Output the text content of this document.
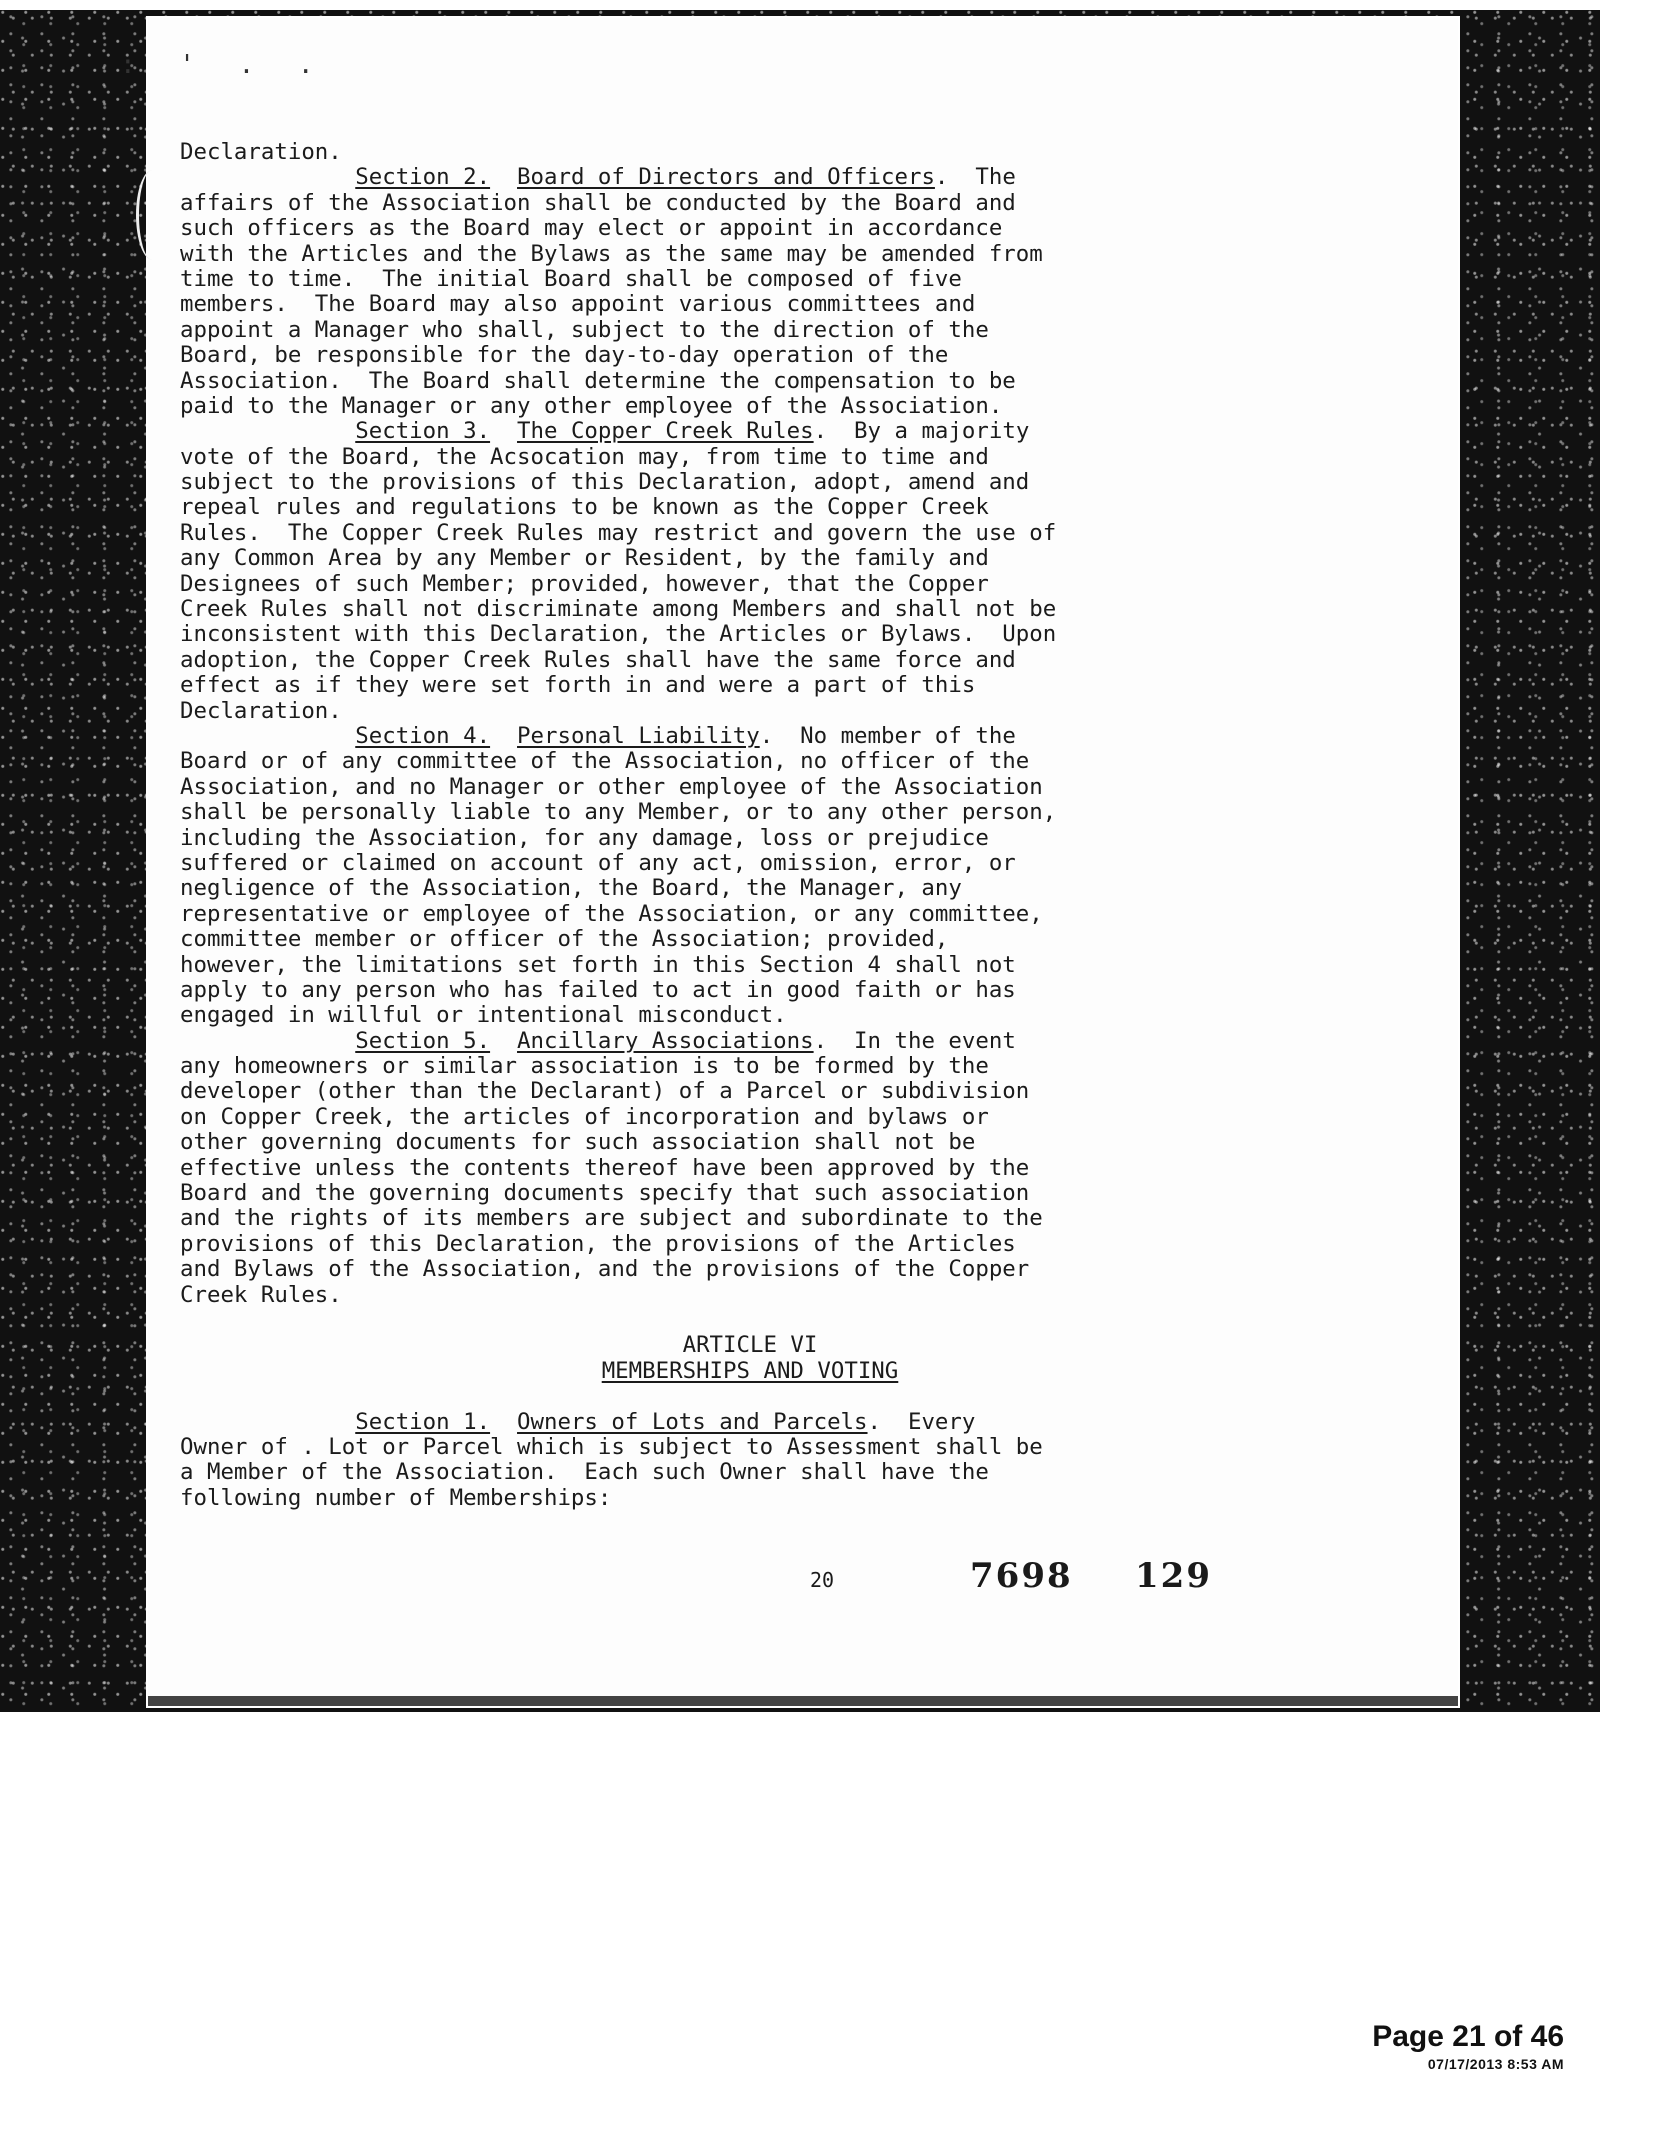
: ' . .
Declaration.
Section 2. Board of Directors and Officers.  The
affairs of the Association shall be conducted by the Board and
such officers as the Board may elect or appoint in accordance
with the Articles and the Bylaws as the same may be amended from
time to time.  The initial Board shall be composed of five
members.  The Board may also appoint various committees and
appoint a Manager who shall, subject to the direction of the
Board, be responsible for the day-to-day operation of the
Association.  The Board shall determine the compensation to be
paid to the Manager or any other employee of the Association.
Section 3. The Copper Creek Rules.  By a majority
vote of the Board, the Acsocation may, from time to time and
subject to the provisions of this Declaration, adopt, amend and
repeal rules and regulations to be known as the Copper Creek
Rules.  The Copper Creek Rules may restrict and govern the use of
any Common Area by any Member or Resident, by the family and
Designees of such Member; provided, however, that the Copper
Creek Rules shall not discriminate among Members and shall not be
inconsistent with this Declaration, the Articles or Bylaws.  Upon
adoption, the Copper Creek Rules shall have the same force and
effect as if they were set forth in and were a part of this
Declaration.
Section 4. Personal Liability.  No member of the
Board or of any committee of the Association, no officer of the
Association, and no Manager or other employee of the Association
shall be personally liable to any Member, or to any other person,
including the Association, for any damage, loss or prejudice
suffered or claimed on account of any act, omission, error, or
negligence of the Association, the Board, the Manager, any
representative or employee of the Association, or any committee,
committee member or officer of the Association; provided,
however, the limitations set forth in this Section 4 shall not
apply to any person who has failed to act in good faith or has
engaged in willful or intentional misconduct.
Section 5. Ancillary Associations.  In the event
any homeowners or similar association is to be formed by the
developer (other than the Declarant) of a Parcel or subdivision
on Copper Creek, the articles of incorporation and bylaws or
other governing documents for such association shall not be
effective unless the contents thereof have been approved by the
Board and the governing documents specify that such association
and the rights of its members are subject and subordinate to the
provisions of this Declaration, the provisions of the Articles
and Bylaws of the Association, and the provisions of the Copper
Creek Rules.
ARTICLE VI
MEMBERSHIPS AND VOTING
Section 1. Owners of Lots and Parcels.  Every
Owner of . Lot or Parcel which is subject to Assessment shall be
a Member of the Association.  Each such Owner shall have the
following number of Memberships:
20	7698 129
Page 21 of 46
07/17/2013 8:53 AM
